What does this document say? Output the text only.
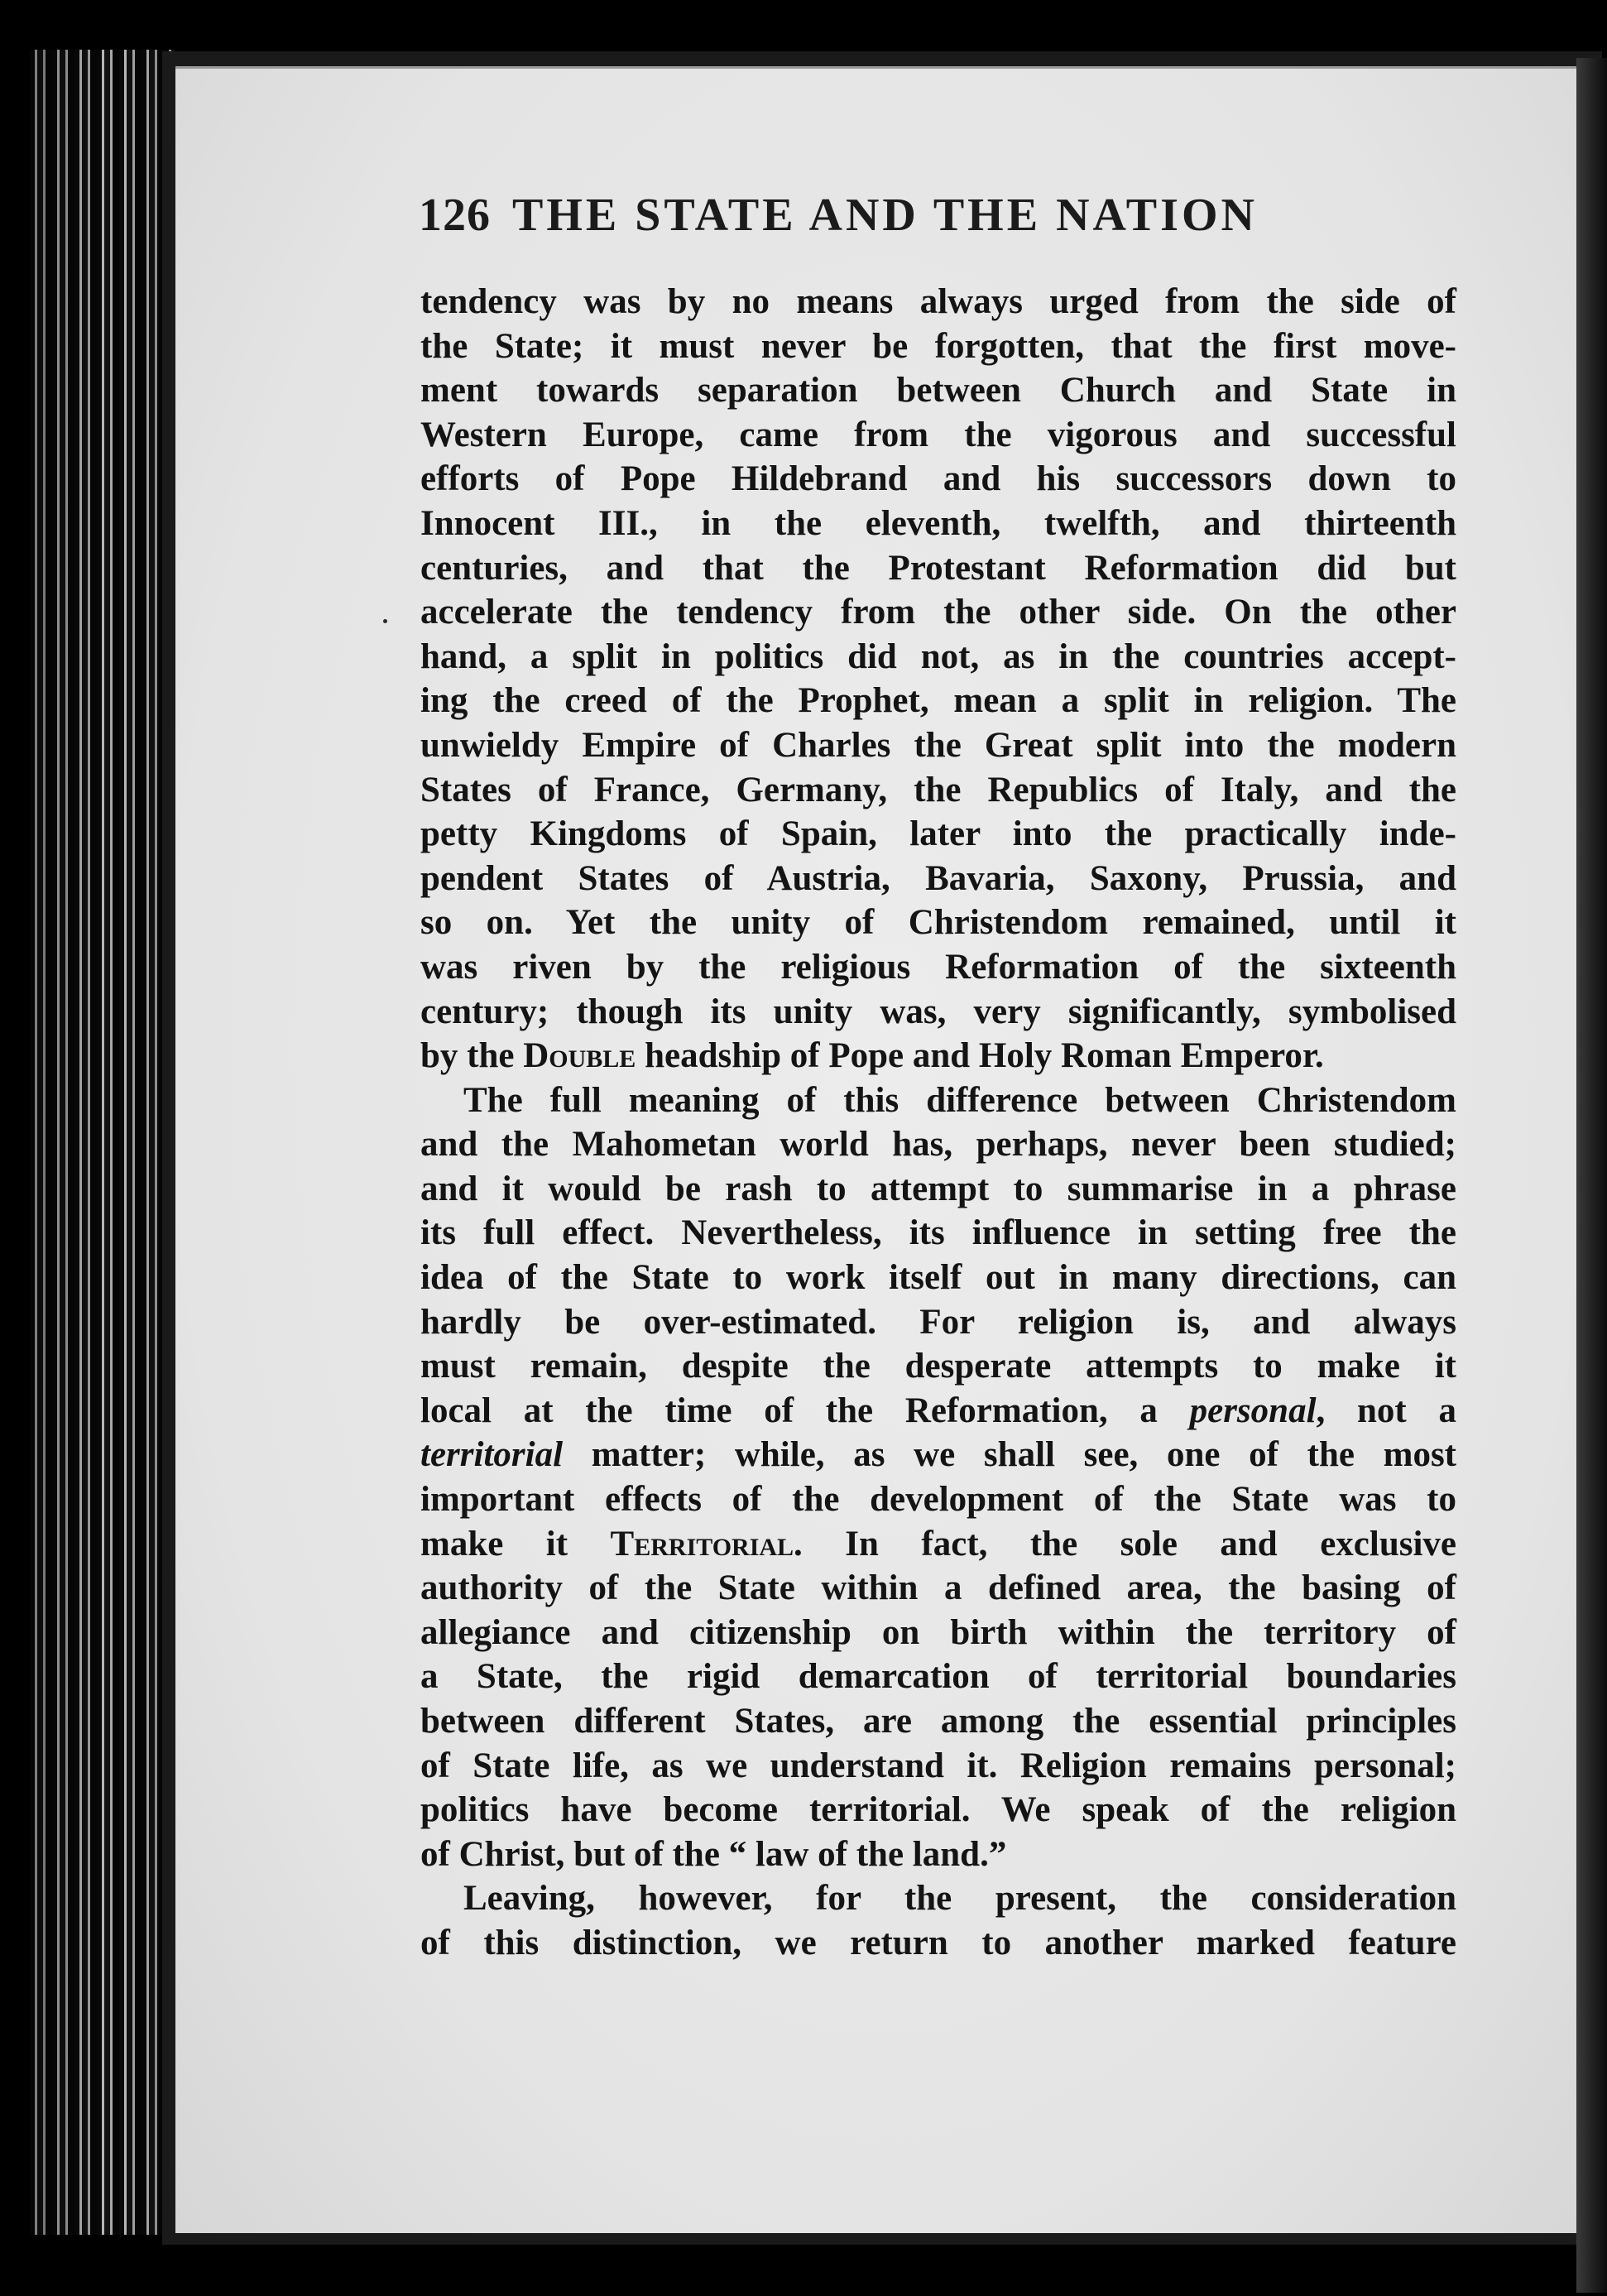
126 THE STATE AND THE NATION
tendency was by no means always urged from the side of
the State; it must never be forgotten, that the first move-
ment towards separation between Church and State in
Western Europe, came from the vigorous and successful
efforts of Pope Hildebrand and his successors down to
Innocent III., in the eleventh, twelfth, and thirteenth
centuries, and that the Protestant Reformation did but
accelerate the tendency from the other side. On the other
hand, a split in politics did not, as in the countries accept-
ing the creed of the Prophet, mean a split in religion. The
unwieldy Empire of Charles the Great split into the modern
States of France, Germany, the Republics of Italy, and the
petty Kingdoms of Spain, later into the practically inde-
pendent States of Austria, Bavaria, Saxony, Prussia, and
so on. Yet the unity of Christendom remained, until it
was riven by the religious Reformation of the sixteenth
century; though its unity was, very significantly, symbolised
by the Double headship of Pope and Holy Roman Emperor.
The full meaning of this difference between Christendom
and the Mahometan world has, perhaps, never been studied;
and it would be rash to attempt to summarise in a phrase
its full effect. Nevertheless, its influence in setting free the
idea of the State to work itself out in many directions, can
hardly be over-estimated. For religion is, and always
must remain, despite the desperate attempts to make it
local at the time of the Reformation, a personal, not a
territorial matter; while, as we shall see, one of the most
important effects of the development of the State was to
make it Territorial. In fact, the sole and exclusive
authority of the State within a defined area, the basing of
allegiance and citizenship on birth within the territory of
a State, the rigid demarcation of territorial boundaries
between different States, are among the essential principles
of State life, as we understand it. Religion remains personal;
politics have become territorial. We speak of the religion
of Christ, but of the “ law of the land.”
Leaving, however, for the present, the consideration
of this distinction, we return to another marked feature
